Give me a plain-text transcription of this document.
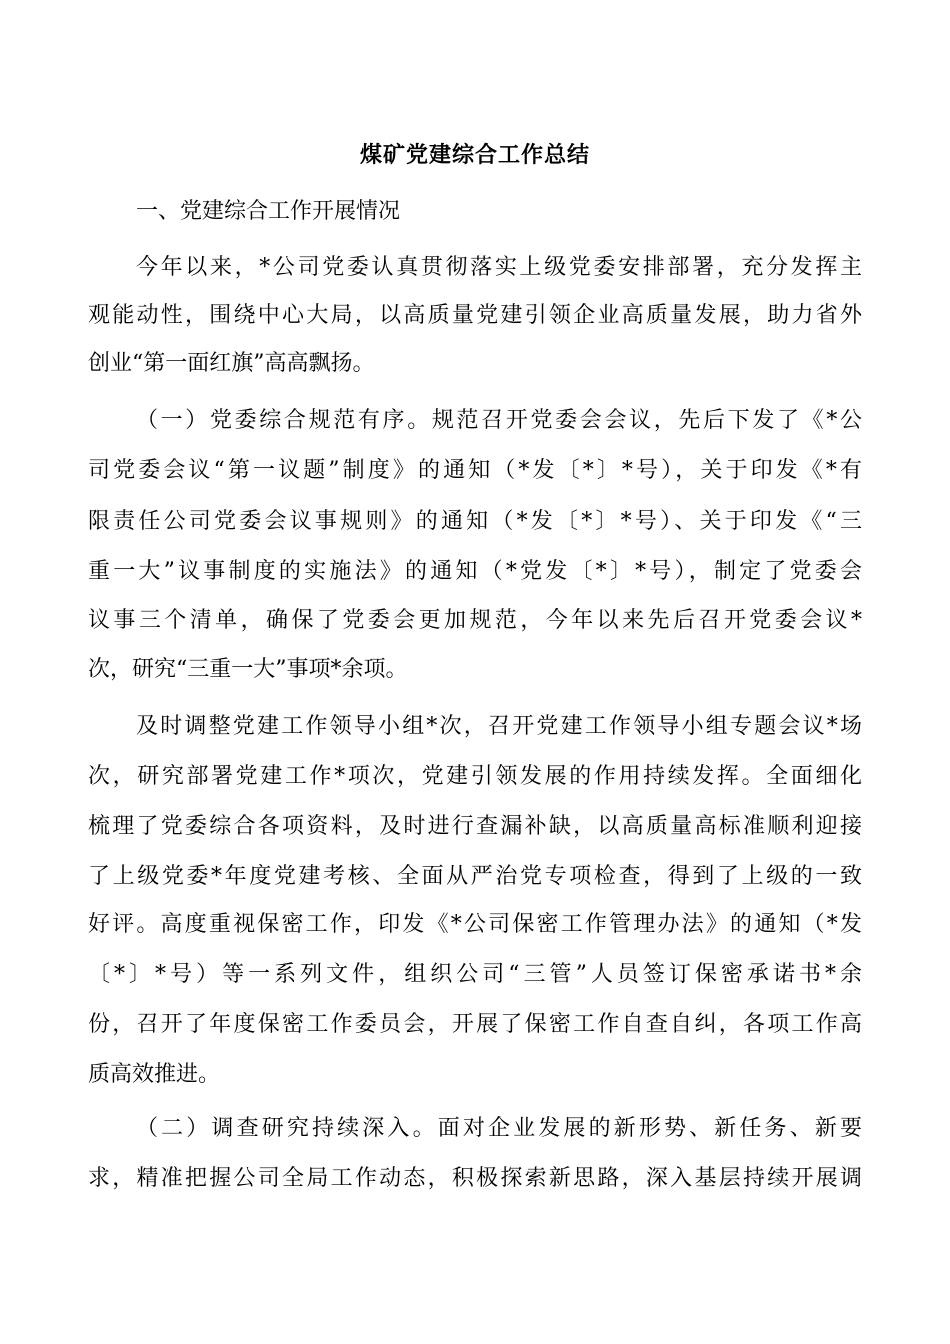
煤矿党建综合工作总结
一、党建综合工作开展情况
今年以来，*公司党委认真贯彻落实上级党委安排部署，充分发挥主
观能动性，围绕中心大局，以高质量党建引领企业高质量发展，助力省外
创业“第一面红旗”高高飘扬。
（一）党委综合规范有序。规范召开党委会会议，先后下发了《*公
司党委会议“第一议题”制度》的通知（*发〔*〕*号），关于印发《*有
限责任公司党委会议事规则》的通知（*发〔*〕*号）、关于印发《“三
重一大”议事制度的实施法》的通知（*党发〔*〕*号），制定了党委会
议事三个清单，确保了党委会更加规范，今年以来先后召开党委会议*
次，研究“三重一大”事项*余项。
及时调整党建工作领导小组*次，召开党建工作领导小组专题会议*场
次，研究部署党建工作*项次，党建引领发展的作用持续发挥。全面细化
梳理了党委综合各项资料，及时进行查漏补缺，以高质量高标准顺利迎接
了上级党委*年度党建考核、全面从严治党专项检查，得到了上级的一致
好评。高度重视保密工作，印发《*公司保密工作管理办法》的通知（*发
〔*〕*号）等一系列文件，组织公司“三管”人员签订保密承诺书*余
份，召开了年度保密工作委员会，开展了保密工作自查自纠，各项工作高
质高效推进。
（二）调查研究持续深入。面对企业发展的新形势、新任务、新要
求，精准把握公司全局工作动态，积极探索新思路，深入基层持续开展调
